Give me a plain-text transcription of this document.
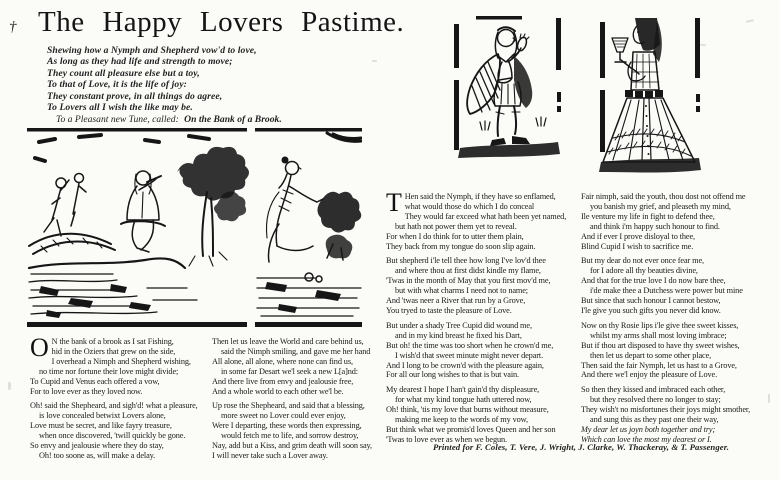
† The Happy Lovers Pastime.
Shewing how a Nymph and Shepherd vow'd to love,
As long as they had life and strength to move;
They count all pleasure else but a toy,
To that of Love, it is the life of joy:
They constant prove, in all things do agree,
To Lovers all I wish the like may be.
To a Pleasant new Tune, called: On the Bank of a Brook.
O N the bank of a brook as I sat Fishing,
hid in the Oziers that grew on the side,
I overhead a Nimph and Shepherd wishing,
no time nor fortune their love might divide;
To Cupid and Venus each offered a vow,
For to love ever as they loved now.
Oh! said the Shepheard, and sigh'd! what a pleasure,
is love concealed betwixt Lovers alone,
Love must be secret, and like fayry treasure,
when once discovered, 'twill quickly be gone.
So envy and jealousie where they do stay,
Oh! too soone as, will make a delay.
Then let us leave the World and care behind us,
said the Nimph smiling, and gave me her hand
All alone, all alone, where none can find us,
in some far Desart we'l seek a new L[a]nd:
And there live from envy and jealousie free,
And a whole world to each other we'l be.
Up rose the Shepheard, and said that a blessing,
more sweet no Lover could ever enjoy,
Were I departing, these words then expressing,
would fetch me to life, and sorrow destroy,
Nay, add but a Kiss, and grim death will soon say,
I will never take such a Lover away.
T Hen said the Nymph, if they have so enflamed,
what would those do which I do conceal
They would far exceed what hath been yet named,
but hath not power them yet to reveal.
For when I do think for to utter them plain,
They back from my tongue do soon slip again.
But shepherd i'le tell thee how long I've lov'd thee
and where thou at first didst kindle my flame,
'Twas in the month of May that you first mov'd me,
but with what charms I need not to name;
And 'twas neer a River that run by a Grove,
You tryed to taste the pleasure of Love.
But under a shady Tree Cupid did wound me,
and in my kind breast he fixed his Dart,
But oh! the time was too short when he crown'd me,
I wish'd that sweet minute might never depart.
And I long to be crown'd with the pleasure again,
For all our long wishes to that is but vain.
My dearest I hope I han't gain'd thy displeasure,
for what my kind tongue hath uttered now,
Oh! think, 'tis my love that burns without measure,
making me keep to the words of my vow,
But think what we promis'd loves Queen and her son
'Twas to love ever as when we begun.
Fair nimph, said the youth, thou dost not offend me
you banish my grief, and pleaseth my mind,
Ile venture my life in fight to defend thee,
and think i'm happy such honour to find.
And if ever I prove disloyal to thee,
Blind Cupid I wish to sacrifice me.
But my dear do not ever once fear me,
for I adore all thy beauties divine,
And that for the true love I do now bare thee,
i'de make thee a Dutchess were power but mine
But since that such honour I cannot bestow,
I'le give you such gifts you never did know.
Now on thy Rosie lips i'le give thee sweet kisses,
whilst my arms shall most loving imbrace;
But if thou art disposed to have thy sweet wishes,
then let us depart to some other place,
Then said the fair Nymph, let us hast to a Grove,
And there we'l enjoy the pleasure of Love.
So then they kissed and imbraced each other,
but they resolved there no longer to stay;
They wish't no misfortunes their joys might smother,
and sung this as they past one their way,
My dear let us joyn both together and try;
Which can love the most my dearest or I.
Printed for F. Coles, T. Vere, J. Wright, J. Clarke, W. Thackeray, & T. Passenger.
